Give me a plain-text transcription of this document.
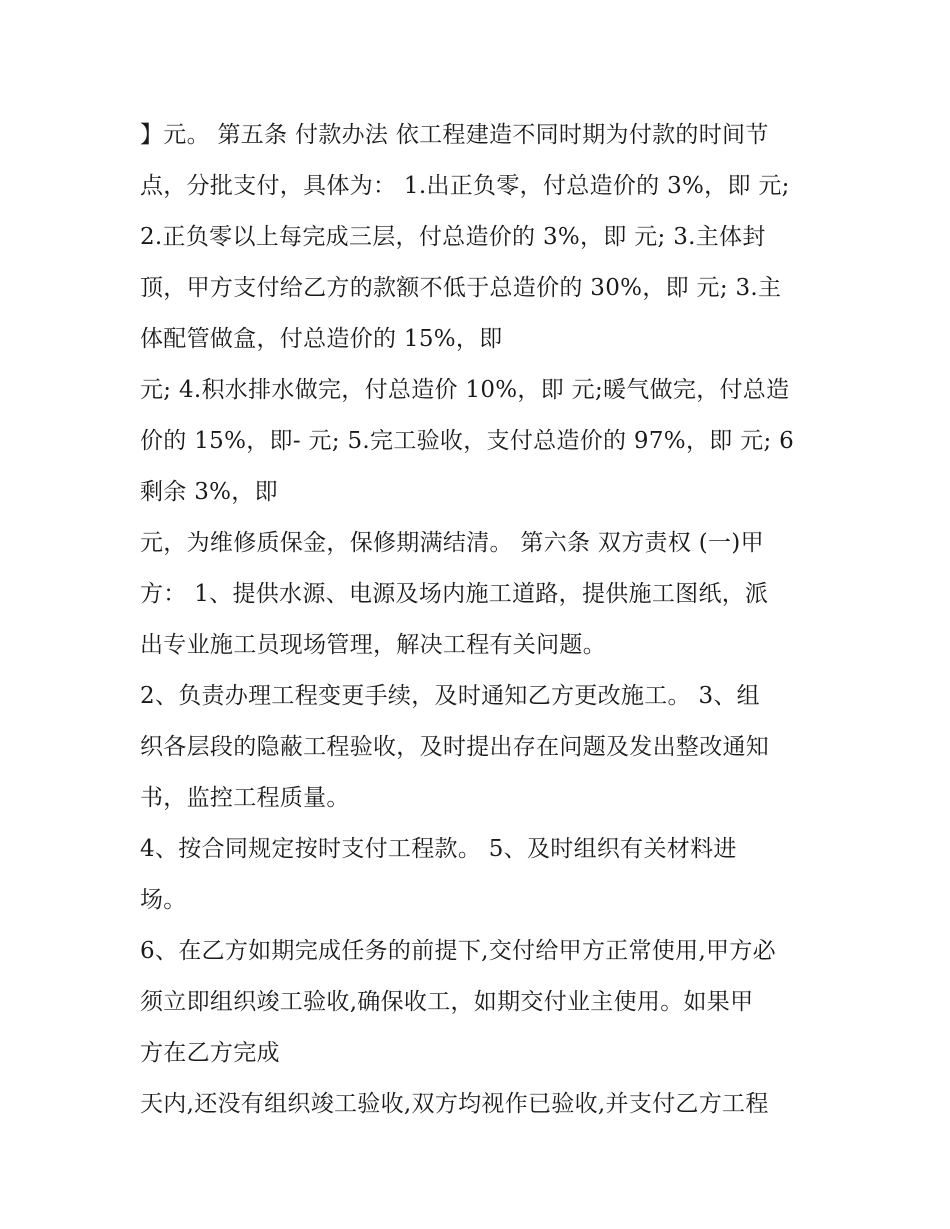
】元。 第五条 付款办法 依工程建造不同时期为付款的时间节
点，分批支付，具体为： 1.出正负零，付总造价的 3%，即 元;
2.正负零以上每完成三层，付总造价的 3%，即 元; 3.主体封
顶，甲方支付给乙方的款额不低于总造价的 30%，即 元; 3.主
体配管做盒，付总造价的 15%，即
元; 4.积水排水做完，付总造价 10%，即 元;暖气做完，付总造
价的 15%，即- 元; 5.完工验收，支付总造价的 97%，即 元; 6
剩余 3%，即
元，为维修质保金，保修期满结清。 第六条 双方责权 (一)甲
方： 1、提供水源、电源及场内施工道路，提供施工图纸，派
出专业施工员现场管理，解决工程有关问题。
2、负责办理工程变更手续，及时通知乙方更改施工。 3、组
织各层段的隐蔽工程验收，及时提出存在问题及发出整改通知
书，监控工程质量。
4、按合同规定按时支付工程款。 5、及时组织有关材料进
场。
6、在乙方如期完成任务的前提下,交付给甲方正常使用,甲方必
须立即组织竣工验收,确保收工，如期交付业主使用。如果甲
方在乙方完成
天内,还没有组织竣工验收,双方均视作已验收,并支付乙方工程
